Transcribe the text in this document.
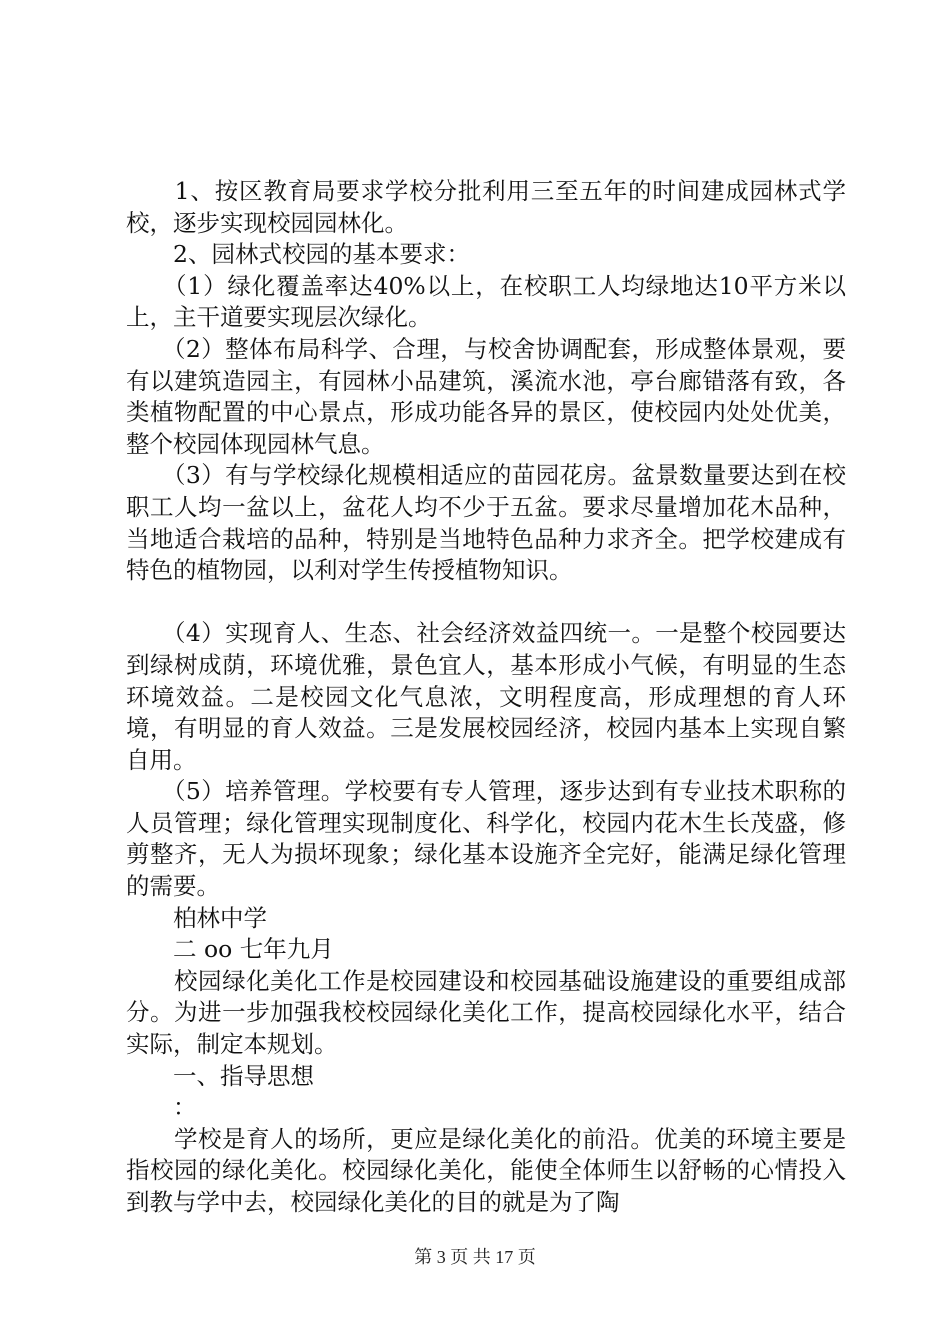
　　1、按区教育局要求学校分批利用三至五年的时间建成园林式学校，逐步实现校园园林化。

　　2、园林式校园的基本要求：

　　（1）绿化覆盖率达40%以上，在校职工人均绿地达10平方米以上，主干道要实现层次绿化。

　　（2）整体布局科学、合理，与校舍协调配套，形成整体景观，要有以建筑造园主，有园林小品建筑，溪流水池，亭台廊错落有致，各类植物配置的中心景点，形成功能各异的景区，使校园内处处优美，整个校园体现园林气息。

　　（3）有与学校绿化规模相适应的苗园花房。盆景数量要达到在校职工人均一盆以上，盆花人均不少于五盆。要求尽量增加花木品种，当地适合栽培的品种，特别是当地特色品种力求齐全。把学校建成有特色的植物园，以利对学生传授植物知识。

　　（4）实现育人、生态、社会经济效益四统一。一是整个校园要达到绿树成荫，环境优雅，景色宜人，基本形成小气候，有明显的生态环境效益。二是校园文化气息浓，文明程度高，形成理想的育人环境，有明显的育人效益。三是发展校园经济，校园内基本上实现自繁自用。

　　（5）培养管理。学校要有专人管理，逐步达到有专业技术职称的人员管理；绿化管理实现制度化、科学化，校园内花木生长茂盛，修剪整齐，无人为损坏现象；绿化基本设施齐全完好，能满足绿化管理的需要。

　　柏林中学

　　二 oo 七年九月

　　校园绿化美化工作是校园建设和校园基础设施建设的重要组成部分。为进一步加强我校校园绿化美化工作，提高校园绿化水平，结合实际，制定本规划。

　　一、指导思想

　　：

　　学校是育人的场所，更应是绿化美化的前沿。优美的环境主要是指校园的绿化美化。校园绿化美化，能使全体师生以舒畅的心情投入到教与学中去，校园绿化美化的目的就是为了陶

第 3 页 共 17 页
